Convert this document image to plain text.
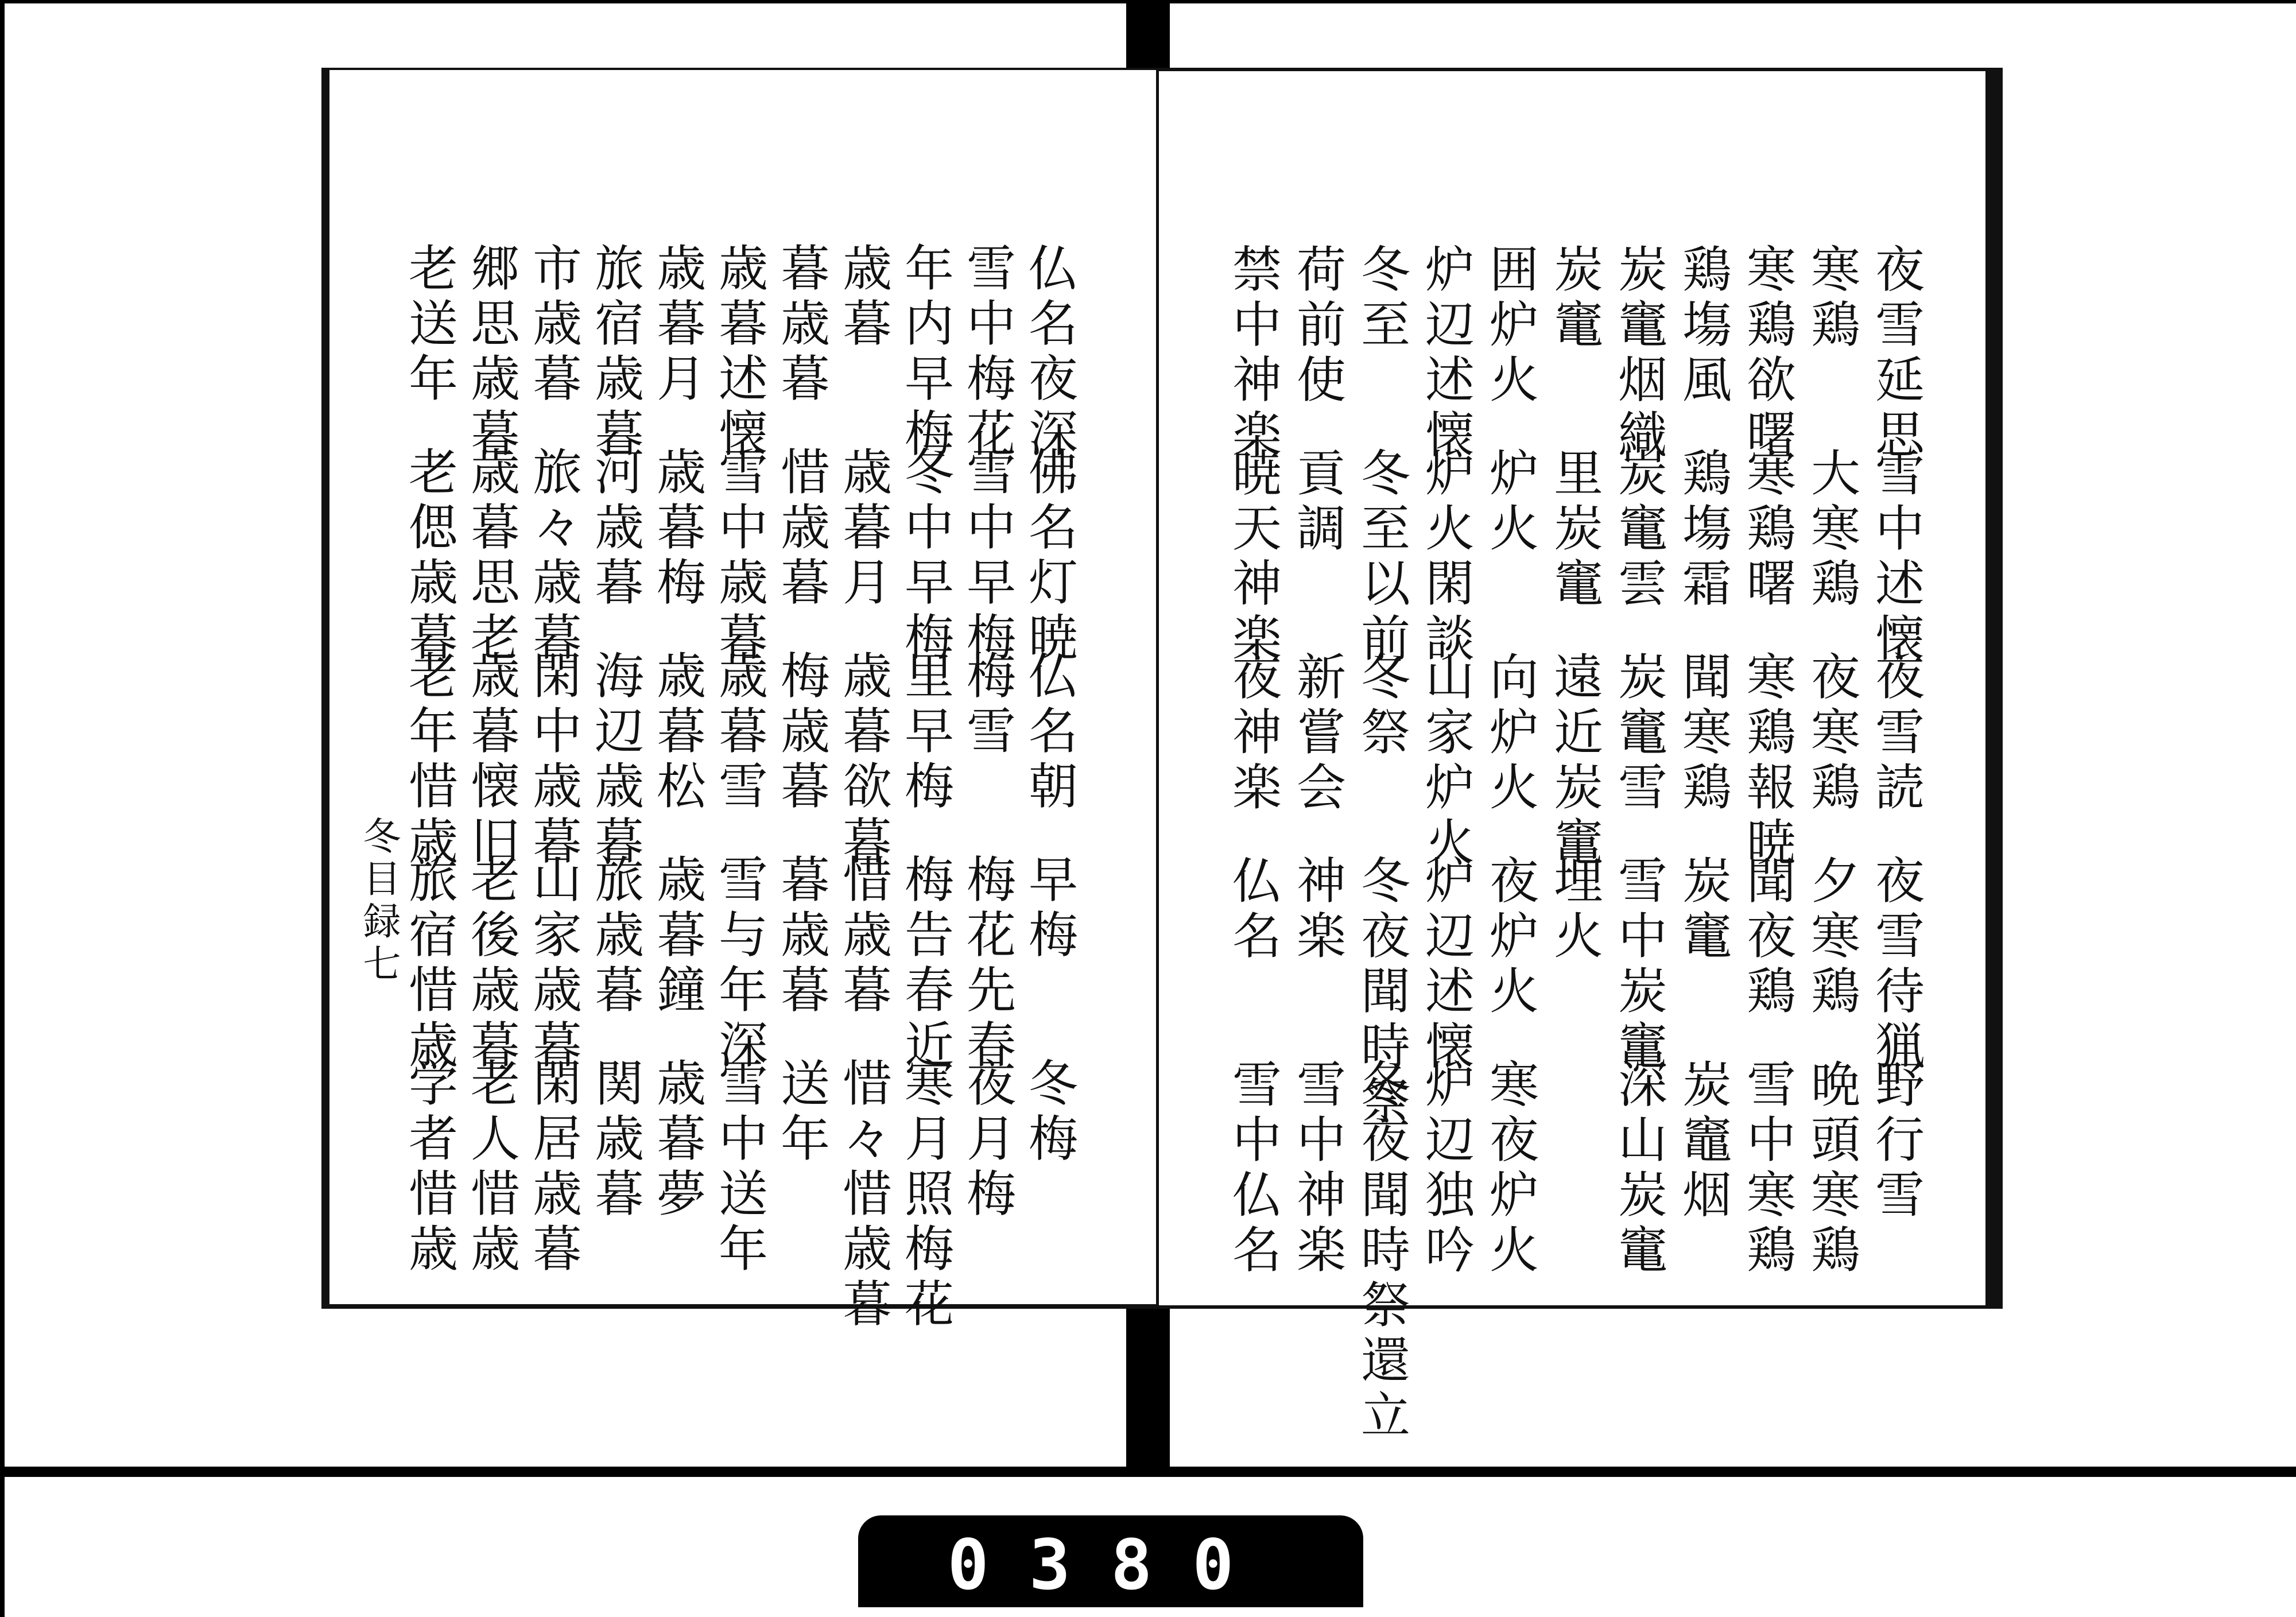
仏名夜深
佛名灯暁
仏名朝
早梅
冬梅
雪中梅花
雪中早梅
梅雪
梅花先春
夜月梅
年内早梅
冬中早梅
里早梅
梅告春近
寒月照梅花
歳暮
歳暮月
歳暮欲暮
惜歳暮
惜々惜歳暮
暮歳暮
惜歳暮
梅歳暮
暮歳暮
送年
歳暮述懐
雪中歳暮
歳暮雪
雪与年深
雪中送年
歳暮月
歳暮梅
歳暮松
歳暮鐘
歳暮夢
旅宿歳暮
河歳暮
海辺歳暮
旅歳暮
関歳暮
市歳暮
旅々歳暮
閑中歳暮
山家歳暮
閑居歳暮
郷思歳暮
歳暮思老
歳暮懐旧
老後歳暮
老人惜歳
老送年
老偲歳暮
老年惜歳
旅宿惜歳
学者惜歳
冬目録七
夜雪延思
雪中述懐
夜雪読
夜雪待猟
野行雪
寒鶏
大寒鶏
夜寒鶏
夕寒鶏
晩頭寒鶏
寒鶏欲曙
寒鶏曙
寒鶏報暁
聞夜鶏
雪中寒鶏
鶏塲風
鶏塲霜
聞寒鶏
炭竃
炭竈烟
炭竃烟織
炭竃雲
炭竃雪
雪中炭竃
深山炭竃
炭竃
里炭竃
遠近炭竃
埋火
囲炉火
炉火
向炉火
夜炉火
寒夜炉火
炉辺述懐
炉火閑談
山家炉火
炉辺述懐
炉辺独吟
冬至
冬至以前
冬祭
冬夜聞時祭
冬夜聞時祭還立
荷前使
貢調
新嘗会
神楽
雪中神楽
禁中神楽
暁天神楽
夜神楽
仏名
雪中仏名
0380
